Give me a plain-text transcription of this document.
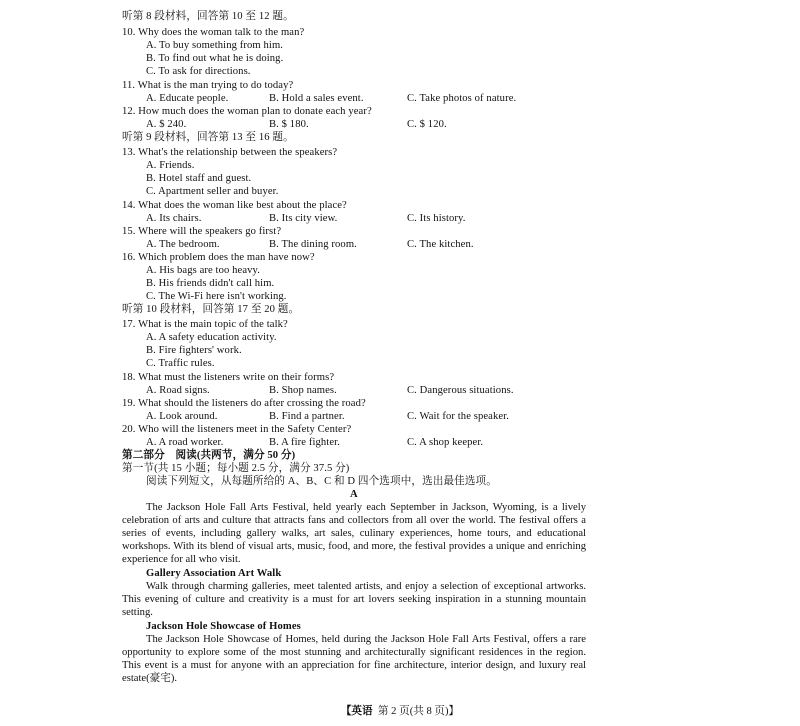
听第 8 段材料，回答第 10 至 12 题。
10. Why does the woman talk to the man?
A. To buy something from him.
B. To find out what he is doing.
C. To ask for directions.
11. What is the man trying to do today?
A. Educate people.	B. Hold a sales event.	C. Take photos of nature.
12. How much does the woman plan to donate each year?
A. $ 240.	B. $ 180.	C. $ 120.
听第 9 段材料，回答第 13 至 16 题。
13. What's the relationship between the speakers?
A. Friends.
B. Hotel staff and guest.
C. Apartment seller and buyer.
14. What does the woman like best about the place?
A. Its chairs.	B. Its city view.	C. Its history.
15. Where will the speakers go first?
A. The bedroom.	B. The dining room.	C. The kitchen.
16. Which problem does the man have now?
A. His bags are too heavy.
B. His friends didn't call him.
C. The Wi-Fi here isn't working.
听第 10 段材料，回答第 17 至 20 题。
17. What is the main topic of the talk?
A. A safety education activity.
B. Fire fighters' work.
C. Traffic rules.
18. What must the listeners write on their forms?
A. Road signs.	B. Shop names.	C. Dangerous situations.
19. What should the listeners do after crossing the road?
A. Look around.	B. Find a partner.	C. Wait for the speaker.
20. Who will the listeners meet in the Safety Center?
A. A road worker.	B. A fire fighter.	C. A shop keeper.
第二部分　阅读(共两节，满分 50 分)
第一节(共 15 小题；每小题 2.5 分，满分 37.5 分)
阅读下列短文，从每题所给的 A、B、C 和 D 四个选项中，选出最佳选项。
A

The Jackson Hole Fall Arts Festival, held yearly each September in Jackson, Wyoming, is a lively celebration of arts and culture that attracts fans and collectors from all over the world. The festival offers a series of events, including gallery walks, art sales, culinary experiences, home tours, and educational workshops. With its blend of visual arts, music, food, and more, the festival provides a unique and enriching experience for all who visit.

Gallery Association Art Walk

Walk through charming galleries, meet talented artists, and enjoy a selection of exceptional artworks. This evening of culture and creativity is a must for art lovers seeking inspiration in a stunning mountain setting.

Jackson Hole Showcase of Homes

The Jackson Hole Showcase of Homes, held during the Jackson Hole Fall Arts Festival, offers a rare opportunity to explore some of the most stunning and architecturally significant residences in the region. This event is a must for anyone with an appreciation for fine architecture, interior design, and luxury real estate(豪宅).

【英语 第 2 页(共 8 页)】
